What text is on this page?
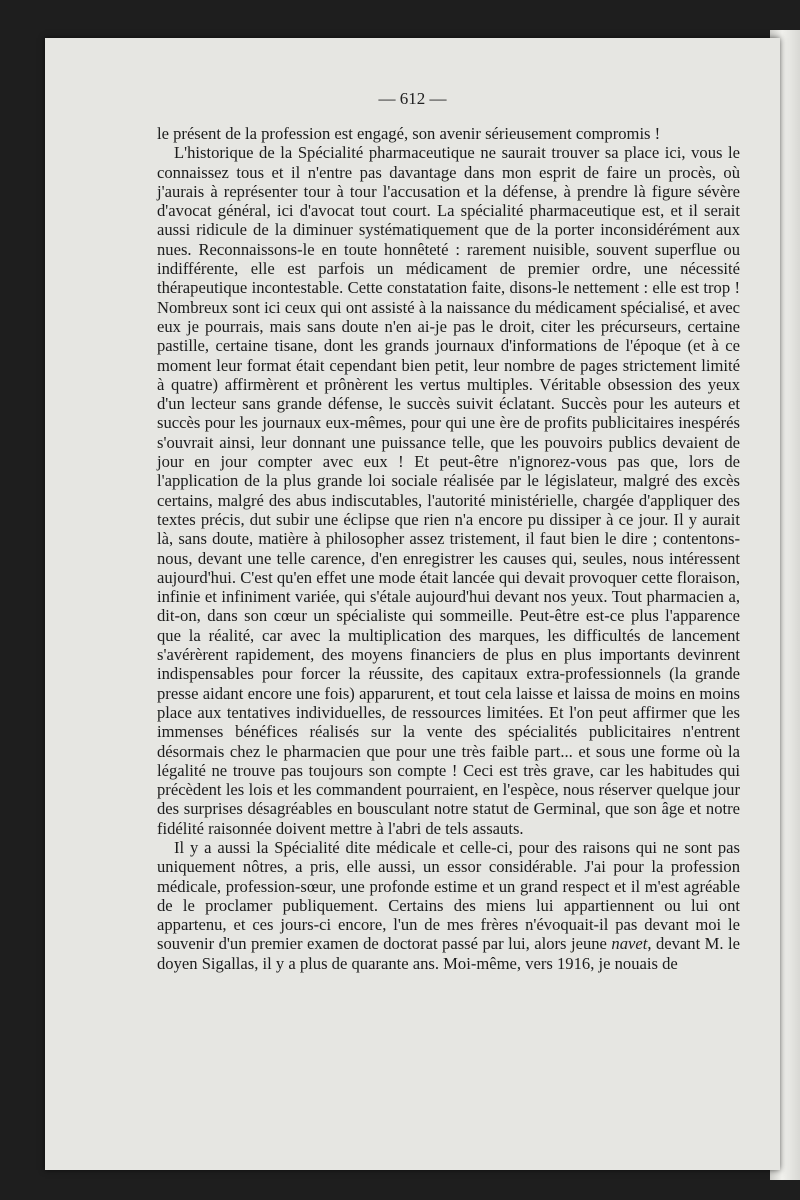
— 612 —

le présent de la profession est engagé, son avenir sérieusement compromis !

L'historique de la Spécialité pharmaceutique ne saurait trouver sa place ici, vous le connaissez tous et il n'entre pas davantage dans mon esprit de faire un procès, où j'aurais à représenter tour à tour l'accusation et la défense, à prendre là figure sévère d'avocat général, ici d'avocat tout court. La spécialité pharmaceutique est, et il serait aussi ridicule de la diminuer systématiquement que de la porter inconsidérément aux nues. Reconnaissons-le en toute honnêteté : rarement nuisible, souvent superflue ou indifférente, elle est parfois un médicament de premier ordre, une nécessité thérapeutique incontestable. Cette constatation faite, disons-le nettement : elle est trop ! Nombreux sont ici ceux qui ont assisté à la naissance du médicament spécialisé, et avec eux je pourrais, mais sans doute n'en ai-je pas le droit, citer les précurseurs, certaine pastille, certaine tisane, dont les grands journaux d'informations de l'époque (et à ce moment leur format était cependant bien petit, leur nombre de pages strictement limité à quatre) affirmèrent et prônèrent les vertus multiples. Véritable obsession des yeux d'un lecteur sans grande défense, le succès suivit éclatant. Succès pour les auteurs et succès pour les journaux eux-mêmes, pour qui une ère de profits publicitaires inespérés s'ouvrait ainsi, leur donnant une puissance telle, que les pouvoirs publics devaient de jour en jour compter avec eux ! Et peut-être n'ignorez-vous pas que, lors de l'application de la plus grande loi sociale réalisée par le législateur, malgré des excès certains, malgré des abus indiscutables, l'autorité ministérielle, chargée d'appliquer des textes précis, dut subir une éclipse que rien n'a encore pu dissiper à ce jour. Il y aurait là, sans doute, matière à philosopher assez tristement, il faut bien le dire ; contentons-nous, devant une telle carence, d'en enregistrer les causes qui, seules, nous intéressent aujourd'hui. C'est qu'en effet une mode était lancée qui devait provoquer cette floraison, infinie et infiniment variée, qui s'étale aujourd'hui devant nos yeux. Tout pharmacien a, dit-on, dans son cœur un spécialiste qui sommeille. Peut-être est-ce plus l'apparence que la réalité, car avec la multiplication des marques, les difficultés de lancement s'avérèrent rapidement, des moyens financiers de plus en plus importants devinrent indispensables pour forcer la réussite, des capitaux extra-professionnels (la grande presse aidant encore une fois) apparurent, et tout cela laisse et laissa de moins en moins place aux tentatives individuelles, de ressources limitées. Et l'on peut affirmer que les immenses bénéfices réalisés sur la vente des spécialités publicitaires n'entrent désormais chez le pharmacien que pour une très faible part... et sous une forme où la légalité ne trouve pas toujours son compte ! Ceci est très grave, car les habitudes qui précèdent les lois et les commandent pourraient, en l'espèce, nous réserver quelque jour des surprises désagréables en bousculant notre statut de Germinal, que son âge et notre fidélité raisonnée doivent mettre à l'abri de tels assauts.

Il y a aussi la Spécialité dite médicale et celle-ci, pour des raisons qui ne sont pas uniquement nôtres, a pris, elle aussi, un essor considérable. J'ai pour la profession médicale, profession-sœur, une profonde estime et un grand respect et il m'est agréable de le proclamer publiquement. Certains des miens lui appartiennent ou lui ont appartenu, et ces jours-ci encore, l'un de mes frères n'évoquait-il pas devant moi le souvenir d'un premier examen de doctorat passé par lui, alors jeune navet, devant M. le doyen Sigallas, il y a plus de quarante ans. Moi-même, vers 1916, je nouais de
